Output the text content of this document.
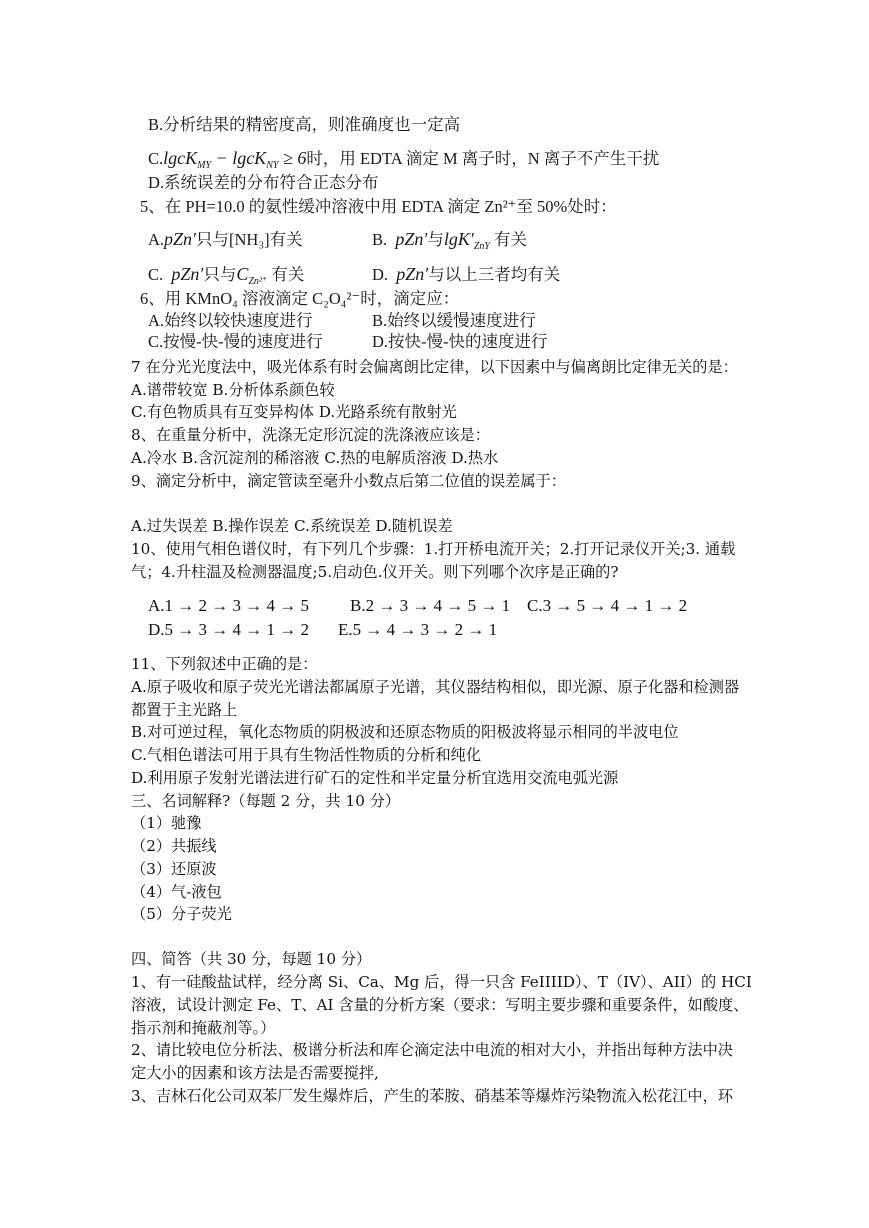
B.分析结果的精密度高，则准确度也一定高
C.lgcK$_{MY}$ − lgcK$_{NY}$ ≥ 6时，用 EDTA 滴定 M 离子时，N 离子不产生干扰
D.系统误差的分布符合正态分布
5、在 PH=10.0 的氨性缓冲溶液中用 EDTA 滴定 Zn²⁺至 50%处时：
A.pZn′只与[NH₃]有关	B. pZn′与$\lg K'_{ZnY}$ 有关
C. pZn′只与$C_{Zn^{2+}}$ 有关	D. pZn′与以上三者均有关
6、用 KMnO₄ 溶液滴定 C₂O₄²⁻时，滴定应：
A.始终以较快速度进行	B.始终以缓慢速度进行
C.按慢-快-慢的速度进行	D.按快-慢-快的速度进行
7 在分光光度法中，吸光体系有时会偏离朗比定律，以下因素中与偏离朗比定律无关的是：
A.谱带较宽 B.分析体系颜色较
C.有色物质具有互变异构体 D.光路系统有散射光
8、在重量分析中，洗涤无定形沉淀的洗涤液应该是：
A.冷水 B.含沉淀剂的稀溶液 C.热的电解质溶液 D.热水
9、滴定分析中，滴定管读至毫升小数点后第二位值的误差属于：
A.过失误差 B.操作误差 C.系统误差 D.随机误差
10、使用气相色谱仪时，有下列几个步骤：1.打开桥电流开关；2.打开记录仪开关;3. 通载
气；4.升柱温及检测器温度;5.启动色.仪开关。则下列哪个次序是正确的?
A.1 → 2 → 3 → 4 → 5 B.2 → 3 → 4 → 5 → 1 C.3 → 5 → 4 → 1 → 2
D.5 → 3 → 4 → 1 → 2 E.5 → 4 → 3 → 2 → 1
11、下列叙述中正确的是：
A.原子吸收和原子荧光光谱法都属原子光谱，其仪器结构相似，即光源、原子化器和检测器
都置于主光路上
B.对可逆过程，氧化态物质的阴极波和还原态物质的阳极波将显示相同的半波电位
C.气相色谱法可用于具有生物活性物质的分析和纯化
D.利用原子发射光谱法进行矿石的定性和半定量分析宜选用交流电弧光源
三、名词解释?（每题 2 分，共 10 分）
（1）驰豫
（2）共振线
（3）还原波
（4）气-液包
（5）分子荧光
四、简答（共 30 分，每题 10 分）
1、有一硅酸盐试样，经分离 Si、Ca、Mg 后，得一只含 FeIIIID）、T（IV）、AII）的 HCI
溶液，试设计测定 Fe、T、AI 含量的分析方案（要求：写明主要步骤和重要条件，如酸度、
指示剂和掩蔽剂等。）
2、请比较电位分析法、极谱分析法和库仑滴定法中电流的相对大小，并指出每种方法中决
定大小的因素和该方法是否需要搅拌,
3、吉林石化公司双苯厂发生爆炸后，产生的苯胺、硝基苯等爆炸污染物流入松花江中，环
